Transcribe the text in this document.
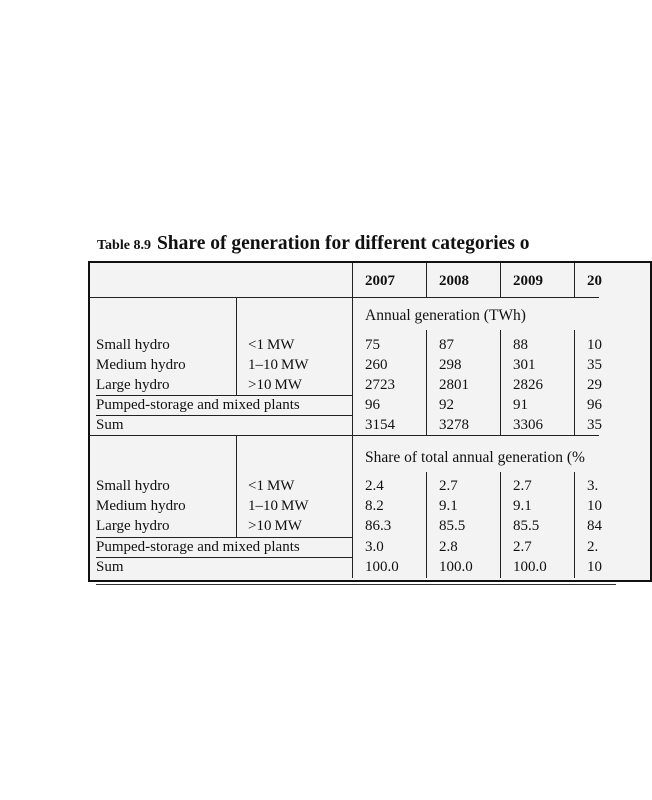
Table 8.9 Share of generation for different categories o
2007	2008	2009	20
Annual generation (TWh)
Small hydro	<1 MW	75	87	88	10
Medium hydro	1–10 MW	260	298	301	35
Large hydro	>10 MW	2723	2801	2826	29
Pumped-storage and mixed plants	96	92	91	96
Sum	3154	3278	3306	35
Share of total annual generation (%
Small hydro	<1 MW	2.4	2.7	2.7	3.
Medium hydro	1–10 MW	8.2	9.1	9.1	10
Large hydro	>10 MW	86.3	85.5	85.5	84
Pumped-storage and mixed plants	3.0	2.8	2.7	2.
Sum	100.0	100.0	100.0	10
